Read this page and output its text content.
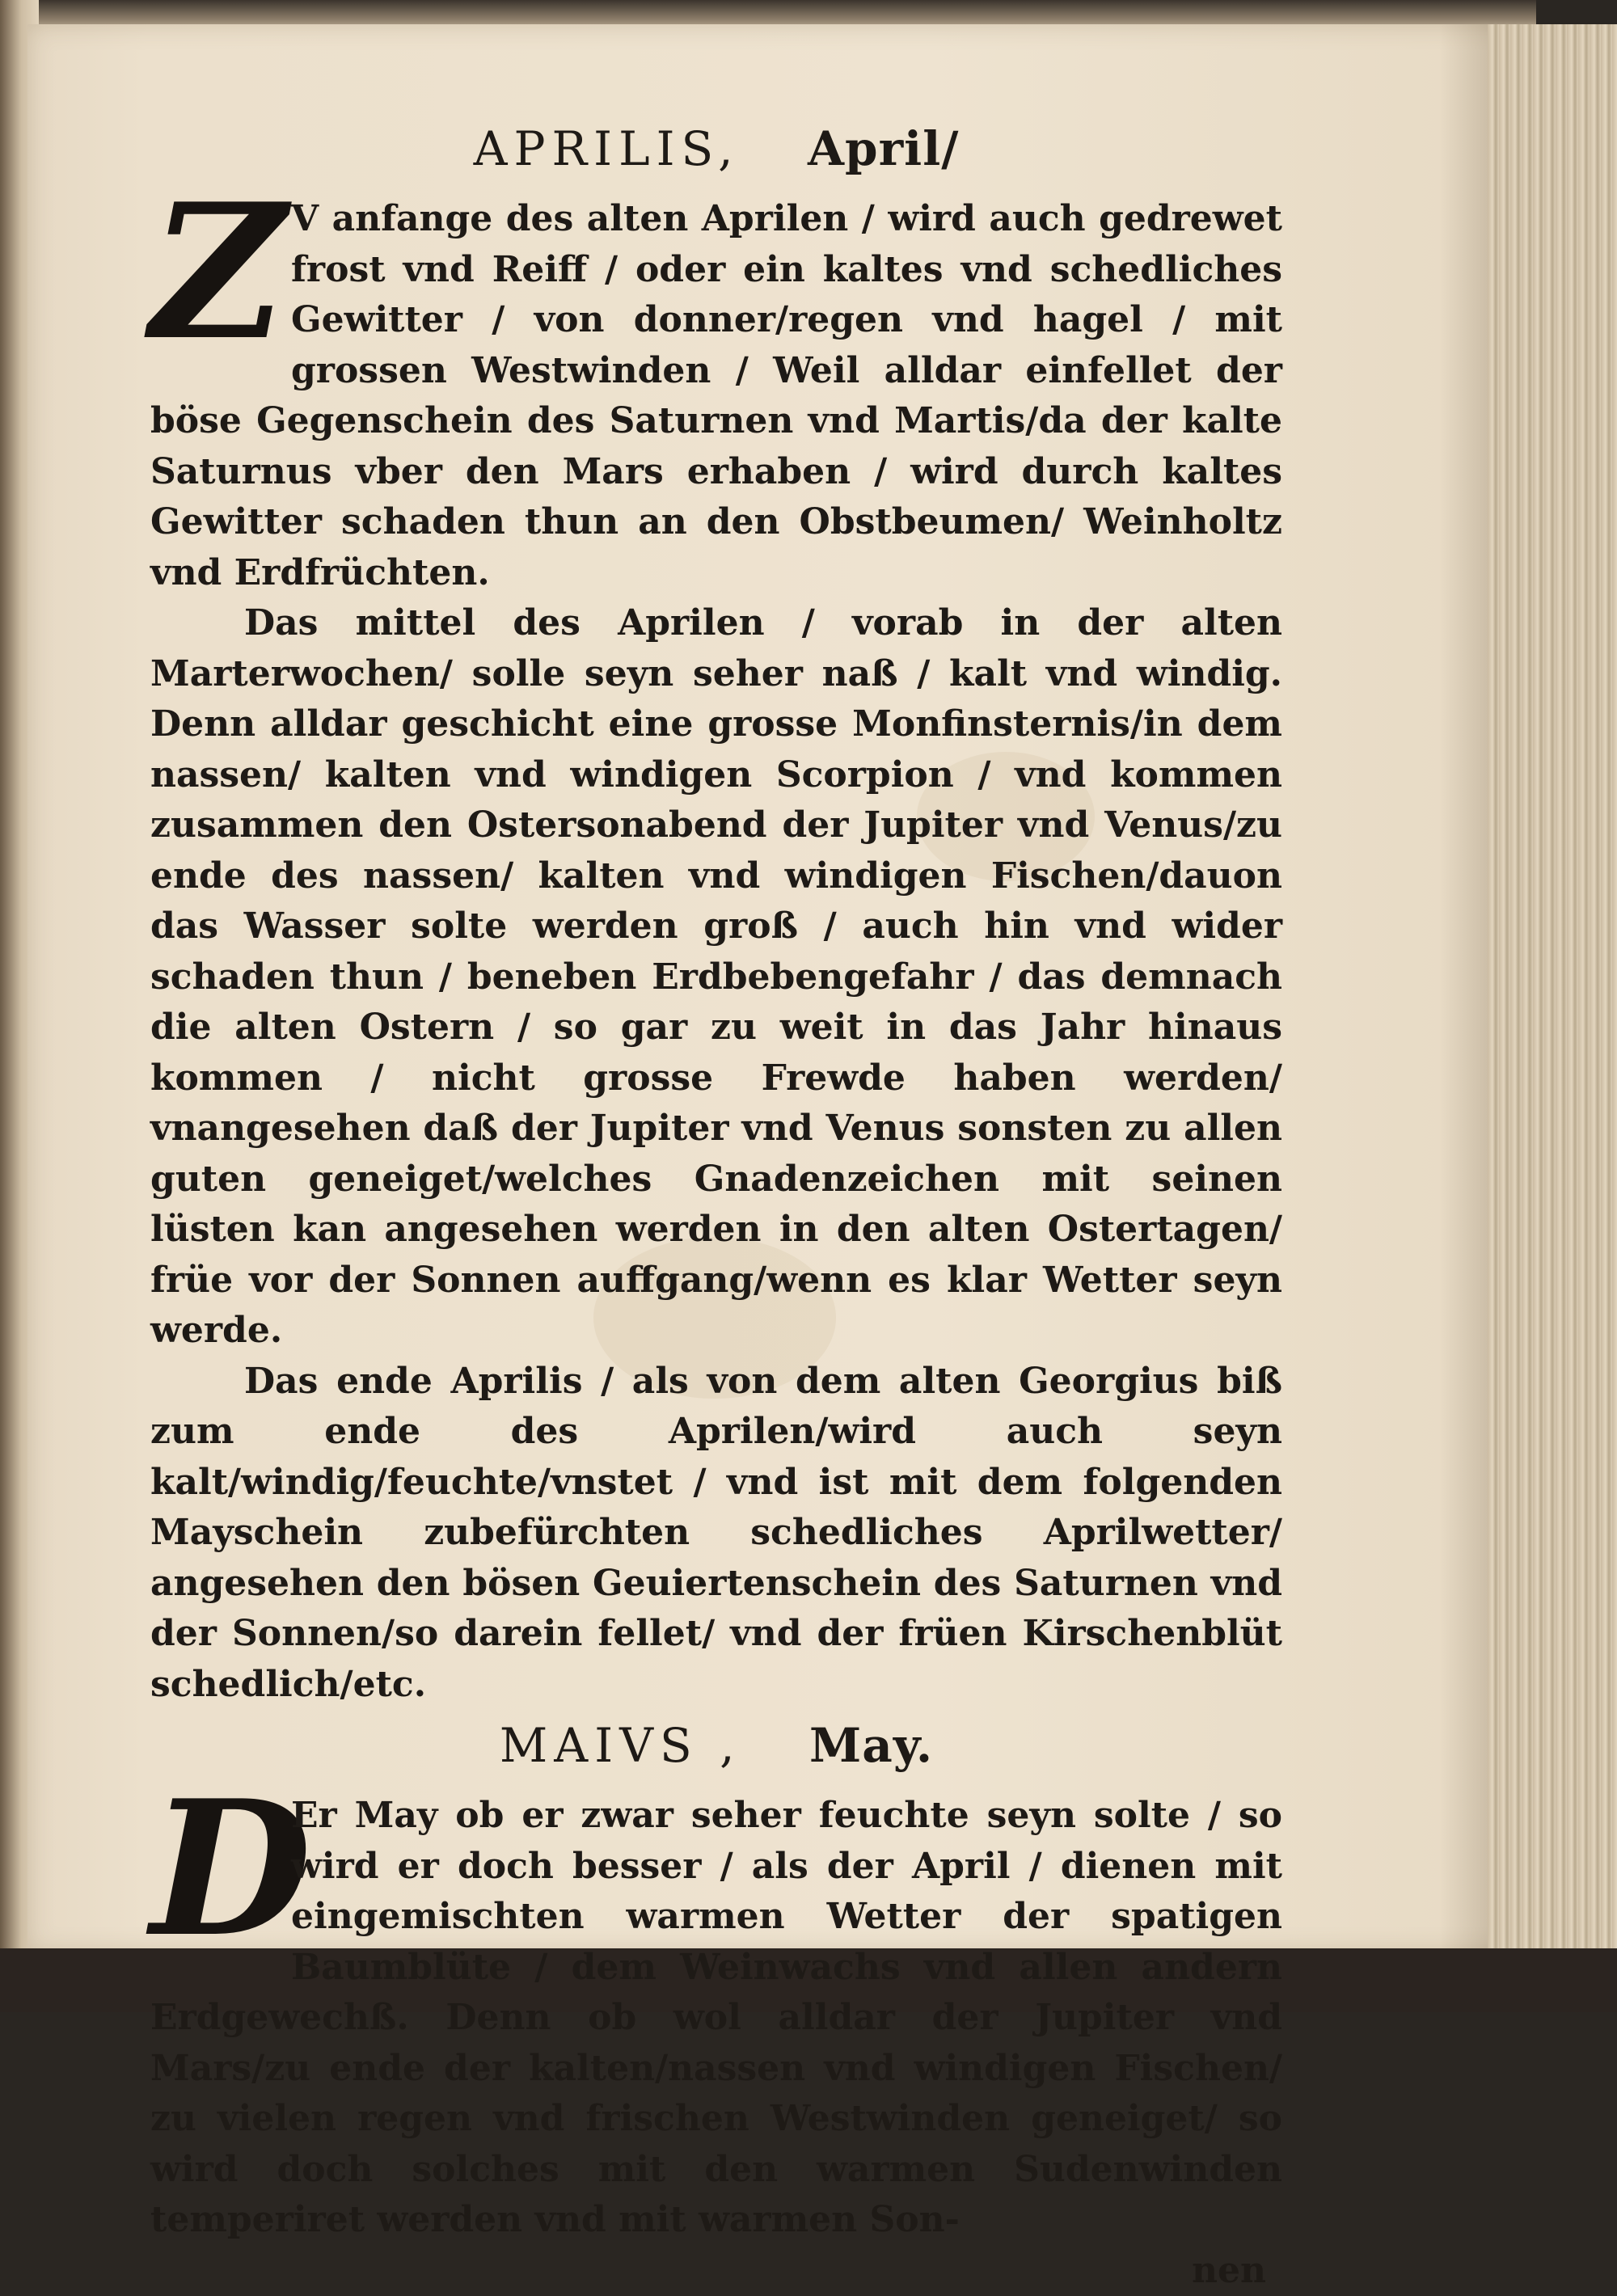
APRILIS, April/

Z V anfange des alten Aprilen / wird auch gedrewet frost vnd Reiff / oder ein kaltes vnd schedliches Gewitter / von donner/regen vnd hagel / mit grossen Westwinden / Weil alldar einfellet der böse Gegenschein des Saturnen vnd Martis/da der kalte Saturnus vber den Mars erhaben / wird durch kaltes Gewitter schaden thun an den Obstbeumen/ Weinholtz vnd Erdfrüchten.

Das mittel des Aprilen / vorab in der alten Marterwochen/ solle seyn seher naß / kalt vnd windig. Denn alldar geschicht eine grosse Monfinsternis/in dem nassen/ kalten vnd windigen Scorpion / vnd kommen zusammen den Ostersonabend der Jupiter vnd Venus/zu ende des nassen/ kalten vnd windigen Fischen/dauon das Wasser solte werden groß / auch hin vnd wider schaden thun / beneben Erdbebengefahr / das demnach die alten Ostern / so gar zu weit in das Jahr hinaus kommen / nicht grosse Frewde haben werden/ vnangesehen daß der Jupiter vnd Venus sonsten zu allen guten geneiget/welches Gnadenzeichen mit seinen lüsten kan angesehen werden in den alten Ostertagen/ früe vor der Sonnen auffgang/wenn es klar Wetter seyn werde.

Das ende Aprilis / als von dem alten Georgius biß zum ende des Aprilen/wird auch seyn kalt/windig/feuchte/vnstet / vnd ist mit dem folgenden Mayschein zubefürchten schedliches Aprilwetter/ angesehen den bösen Geuiertenschein des Saturnen vnd der Sonnen/so darein fellet/ vnd der früen Kirschenblüt schedlich/etc.

MAIVS , May.

D
Er May ob er zwar seher feuchte seyn solte / so wird er doch besser / als der April / dienen mit eingemischten warmen Wetter der spatigen Baumblüte / dem Weinwachs vnd allen andern Erdgewechß. Denn ob wol alldar der Jupiter vnd Mars/zu ende der kalten/nassen vnd windigen Fischen/ zu vielen regen vnd frischen Westwinden geneiget/ so wird doch solches mit den warmen Sudenwinden temperiret werden vnd mit warmen Son-

nen
